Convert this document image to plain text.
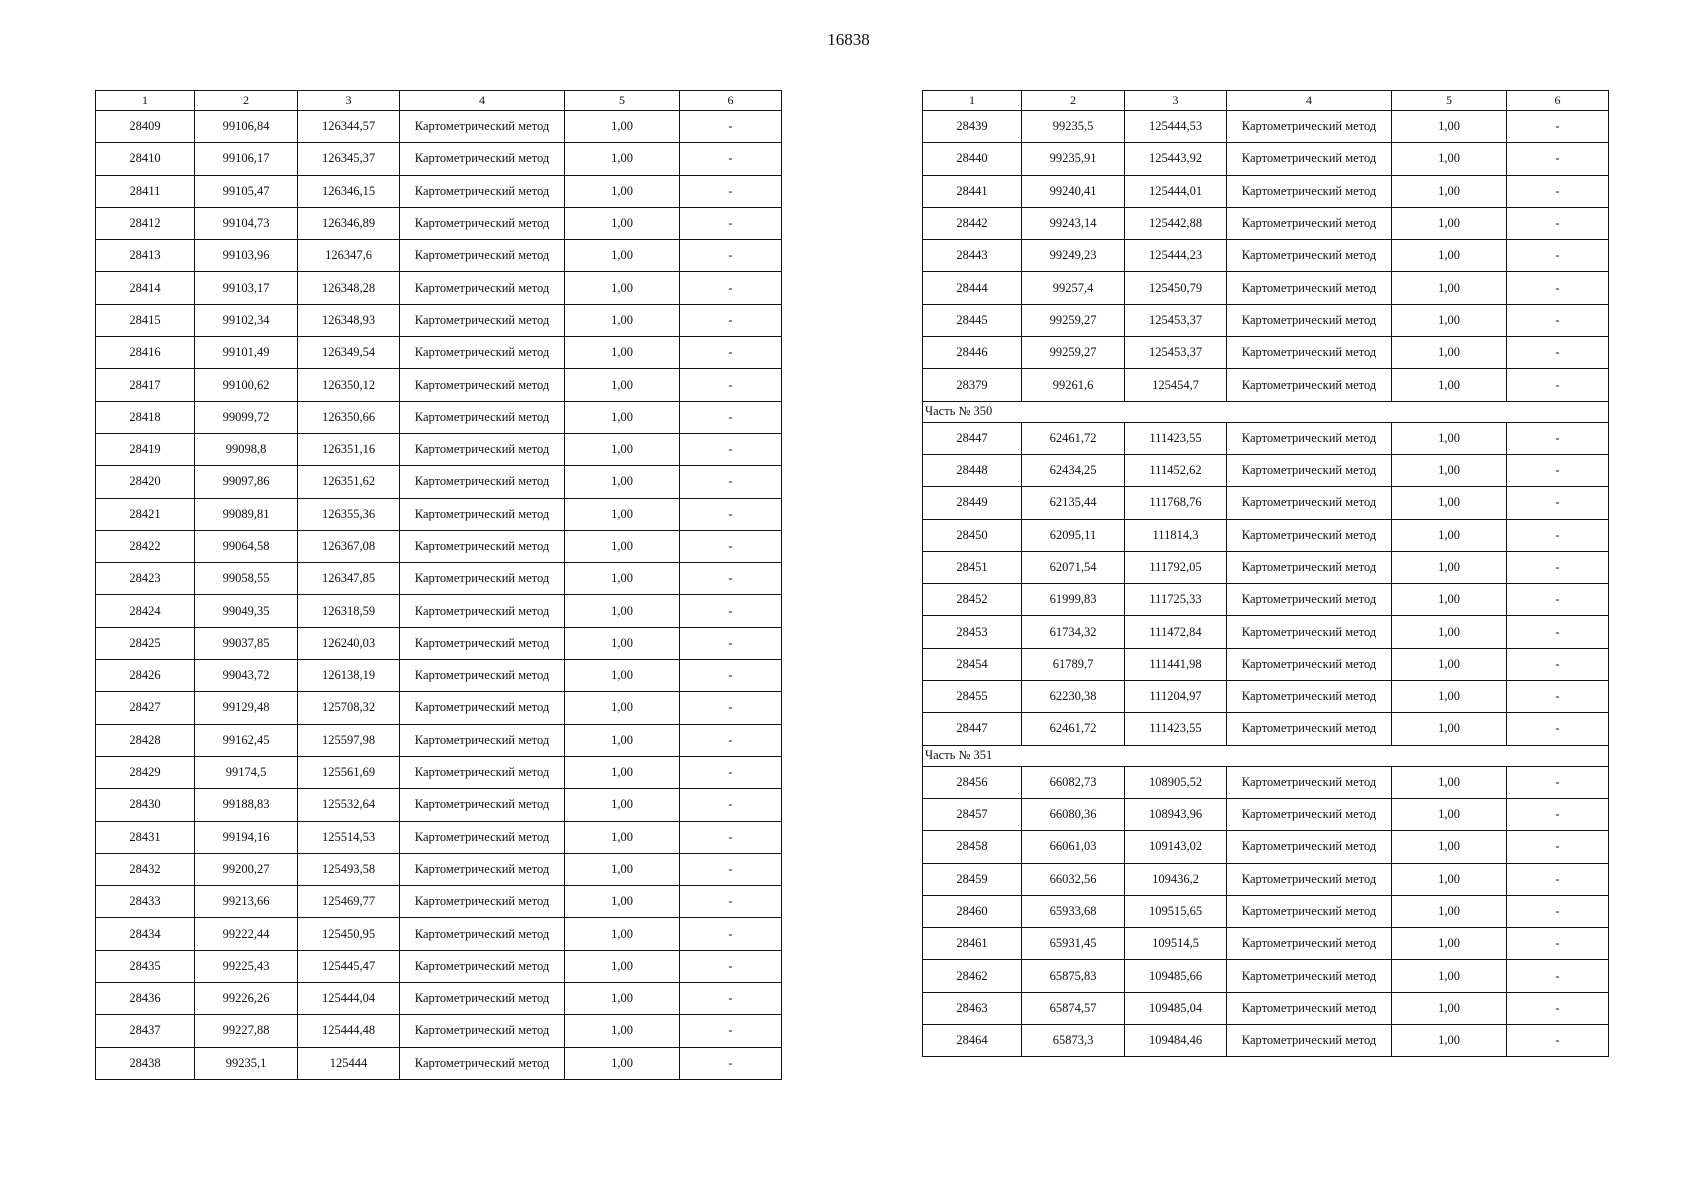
16838
1	2	3	4	5	6
28409	99106,84	126344,57	Картометрический метод	1,00	-
28410	99106,17	126345,37	Картометрический метод	1,00	-
28411	99105,47	126346,15	Картометрический метод	1,00	-
28412	99104,73	126346,89	Картометрический метод	1,00	-
28413	99103,96	126347,6	Картометрический метод	1,00	-
28414	99103,17	126348,28	Картометрический метод	1,00	-
28415	99102,34	126348,93	Картометрический метод	1,00	-
28416	99101,49	126349,54	Картометрический метод	1,00	-
28417	99100,62	126350,12	Картометрический метод	1,00	-
28418	99099,72	126350,66	Картометрический метод	1,00	-
28419	99098,8	126351,16	Картометрический метод	1,00	-
28420	99097,86	126351,62	Картометрический метод	1,00	-
28421	99089,81	126355,36	Картометрический метод	1,00	-
28422	99064,58	126367,08	Картометрический метод	1,00	-
28423	99058,55	126347,85	Картометрический метод	1,00	-
28424	99049,35	126318,59	Картометрический метод	1,00	-
28425	99037,85	126240,03	Картометрический метод	1,00	-
28426	99043,72	126138,19	Картометрический метод	1,00	-
28427	99129,48	125708,32	Картометрический метод	1,00	-
28428	99162,45	125597,98	Картометрический метод	1,00	-
28429	99174,5	125561,69	Картометрический метод	1,00	-
28430	99188,83	125532,64	Картометрический метод	1,00	-
28431	99194,16	125514,53	Картометрический метод	1,00	-
28432	99200,27	125493,58	Картометрический метод	1,00	-
28433	99213,66	125469,77	Картометрический метод	1,00	-
28434	99222,44	125450,95	Картометрический метод	1,00	-
28435	99225,43	125445,47	Картометрический метод	1,00	-
28436	99226,26	125444,04	Картометрический метод	1,00	-
28437	99227,88	125444,48	Картометрический метод	1,00	-
28438	99235,1	125444	Картометрический метод	1,00	-
1	2	3	4	5	6
28439	99235,5	125444,53	Картометрический метод	1,00	-
28440	99235,91	125443,92	Картометрический метод	1,00	-
28441	99240,41	125444,01	Картометрический метод	1,00	-
28442	99243,14	125442,88	Картометрический метод	1,00	-
28443	99249,23	125444,23	Картометрический метод	1,00	-
28444	99257,4	125450,79	Картометрический метод	1,00	-
28445	99259,27	125453,37	Картометрический метод	1,00	-
28446	99259,27	125453,37	Картометрический метод	1,00	-
28379	99261,6	125454,7	Картометрический метод	1,00	-
Часть № 350					
28447	62461,72	111423,55	Картометрический метод	1,00	-
28448	62434,25	111452,62	Картометрический метод	1,00	-
28449	62135,44	111768,76	Картометрический метод	1,00	-
28450	62095,11	111814,3	Картометрический метод	1,00	-
28451	62071,54	111792,05	Картометрический метод	1,00	-
28452	61999,83	111725,33	Картометрический метод	1,00	-
28453	61734,32	111472,84	Картометрический метод	1,00	-
28454	61789,7	111441,98	Картометрический метод	1,00	-
28455	62230,38	111204,97	Картометрический метод	1,00	-
28447	62461,72	111423,55	Картометрический метод	1,00	-
Часть № 351					
28456	66082,73	108905,52	Картометрический метод	1,00	-
28457	66080,36	108943,96	Картометрический метод	1,00	-
28458	66061,03	109143,02	Картометрический метод	1,00	-
28459	66032,56	109436,2	Картометрический метод	1,00	-
28460	65933,68	109515,65	Картометрический метод	1,00	-
28461	65931,45	109514,5	Картометрический метод	1,00	-
28462	65875,83	109485,66	Картометрический метод	1,00	-
28463	65874,57	109485,04	Картометрический метод	1,00	-
28464	65873,3	109484,46	Картометрический метод	1,00	-
